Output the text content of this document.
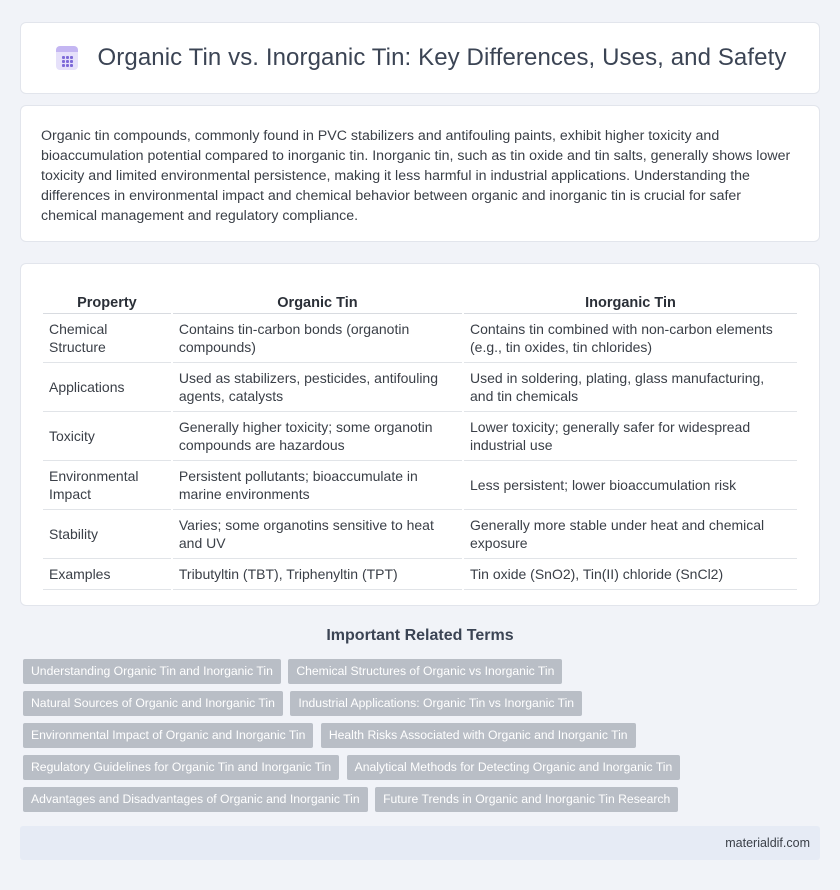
Organic Tin vs. Inorganic Tin: Key Differences, Uses, and Safety

Organic tin compounds, commonly found in PVC stabilizers and antifouling paints, exhibit higher toxicity and bioaccumulation potential compared to inorganic tin. Inorganic tin, such as tin oxide and tin salts, generally shows lower toxicity and limited environmental persistence, making it less harmful in industrial applications. Understanding the differences in environmental impact and chemical behavior between organic and inorganic tin is crucial for safer chemical management and regulatory compliance.

Property	Organic Tin	Inorganic Tin
Chemical Structure	Contains tin-carbon bonds (organotin compounds)	Contains tin combined with non-carbon elements (e.g., tin oxides, tin chlorides)
Applications	Used as stabilizers, pesticides, antifouling agents, catalysts	Used in soldering, plating, glass manufacturing, and tin chemicals
Toxicity	Generally higher toxicity; some organotin compounds are hazardous	Lower toxicity; generally safer for widespread industrial use
Environmental Impact	Persistent pollutants; bioaccumulate in marine environments	Less persistent; lower bioaccumulation risk
Stability	Varies; some organotins sensitive to heat and UV	Generally more stable under heat and chemical exposure
Examples	Tributyltin (TBT), Triphenyltin (TPT)	Tin oxide (SnO2), Tin(II) chloride (SnCl2)
Important Related Terms
Understanding Organic Tin and Inorganic Tin Chemical Structures of Organic vs Inorganic Tin Natural Sources of Organic and Inorganic Tin Industrial Applications: Organic Tin vs Inorganic Tin Environmental Impact of Organic and Inorganic Tin Health Risks Associated with Organic and Inorganic Tin Regulatory Guidelines for Organic Tin and Inorganic Tin Analytical Methods for Detecting Organic and Inorganic Tin Advantages and Disadvantages of Organic and Inorganic Tin Future Trends in Organic and Inorganic Tin Research
materialdif.com
